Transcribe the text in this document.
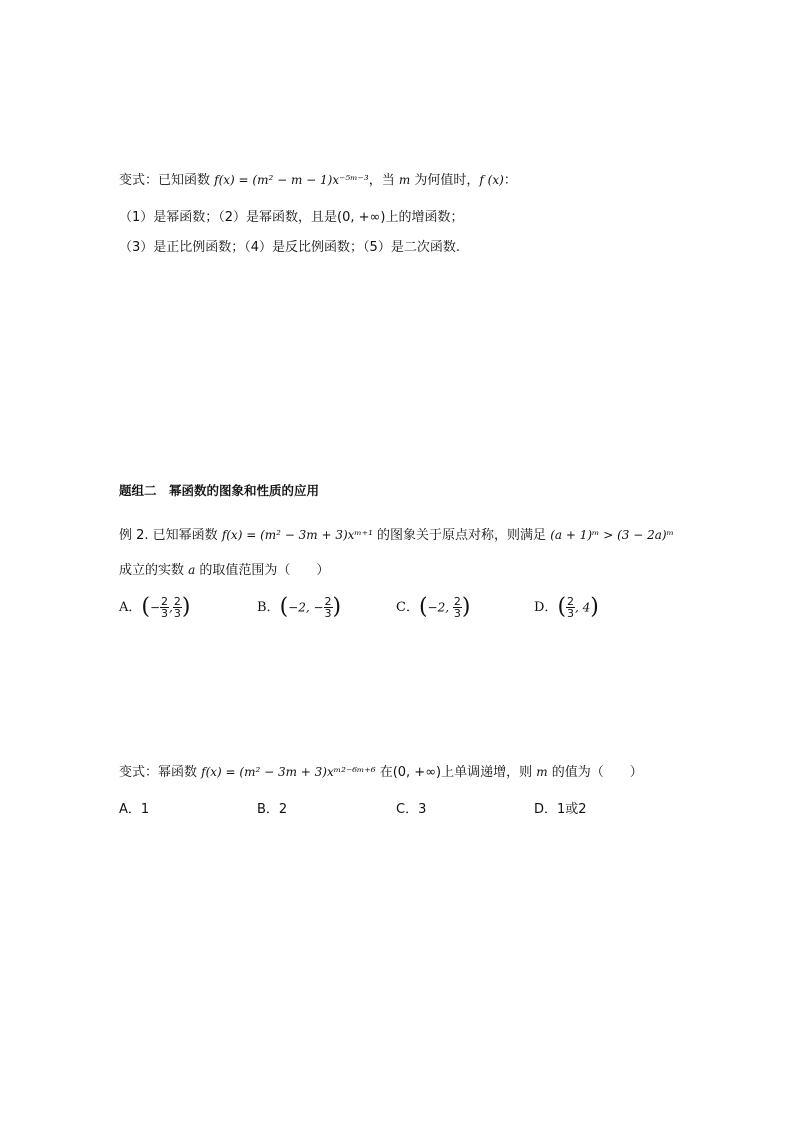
变式：已知函数 f(x) = (m² − m − 1)x⁻⁵ᵐ⁻³，当 m 为何值时，f (x)：
（1）是幂函数；（2）是幂函数，且是(0, +∞)上的增函数；
（3）是正比例函数；（4）是反比例函数；（5）是二次函数.
题组二　幂函数的图象和性质的应用
例 2. 已知幂函数 f(x) = (m² − 3m + 3)xᵐ⁺¹ 的图象关于原点对称，则满足 (a + 1)ᵐ > (3 − 2a)ᵐ
成立的实数 a 的取值范围为（　　）
A．(− $\frac{2}{3}$ , $\frac{2}{3}$ )	B．(−2, − $\frac{2}{3}$ )	C．(−2, $\frac{2}{3}$ )	D．( $\frac{2}{3}$ , 4)
变式：幂函数 f(x) = (m² − 3m + 3)xᵐ²⁻⁶ᵐ⁺⁶ 在(0, +∞)上单调递增，则 m 的值为（　　）
A．1	B．2	C．3	D．1或2
